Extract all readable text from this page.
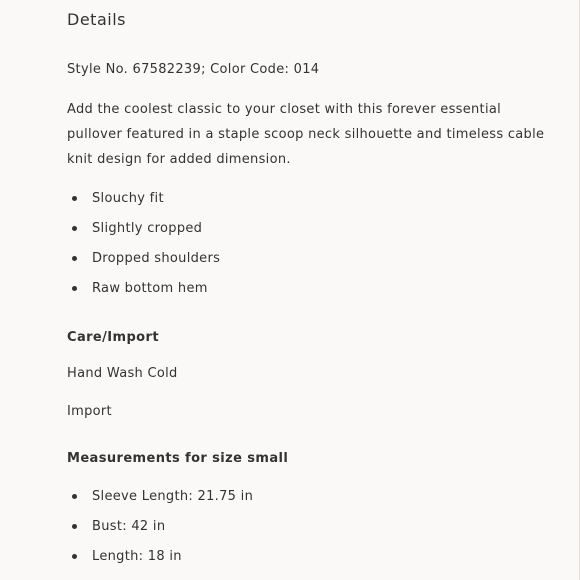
Details

Style No. 67582239; Color Code: 014

Add the coolest classic to your closet with this forever essential pullover featured in a staple scoop neck silhouette and timeless cable knit design for added dimension.

Slouchy fit
Slightly cropped
Dropped shoulders
Raw bottom hem
Care/Import

Hand Wash Cold

Import

Measurements for size small
Sleeve Length: 21.75 in
Bust: 42 in
Length: 18 in
